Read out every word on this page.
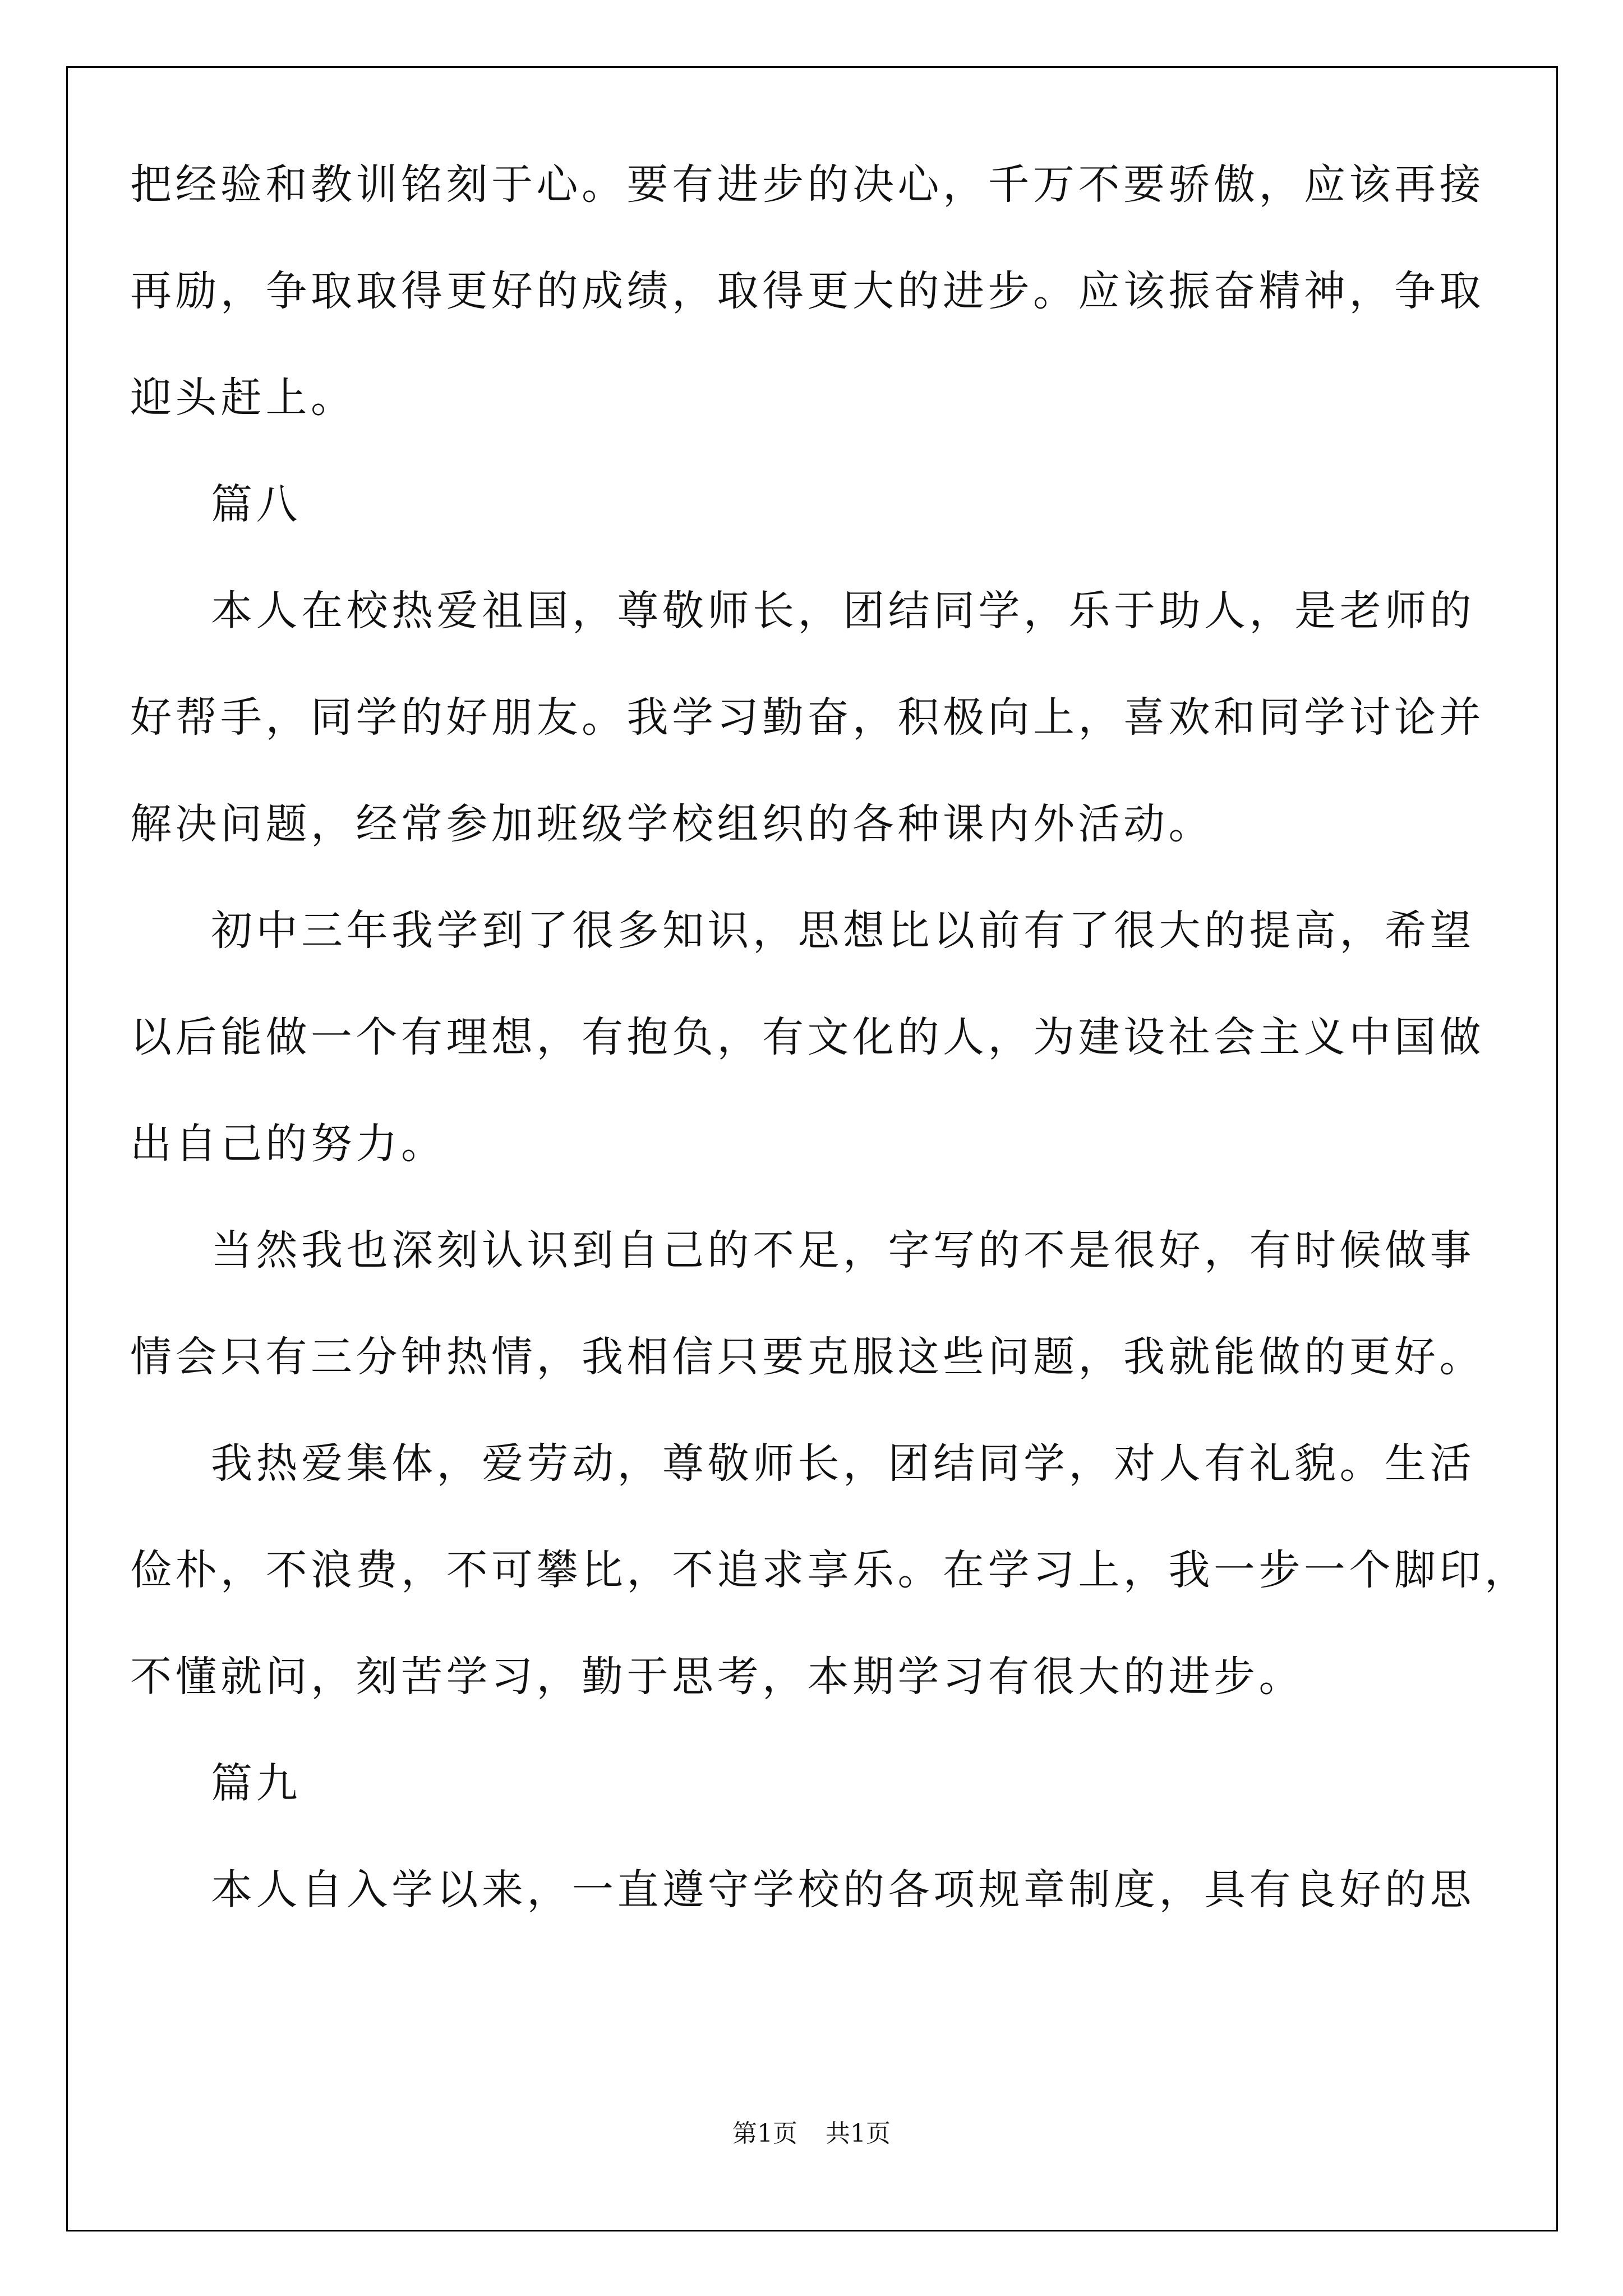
把经验和教训铭刻于心。要有进步的决心，千万不要骄傲，应该再接
再励，争取取得更好的成绩，取得更大的进步。应该振奋精神，争取
迎头赶上。
篇八
本人在校热爱祖国，尊敬师长，团结同学，乐于助人，是老师的
好帮手，同学的好朋友。我学习勤奋，积极向上，喜欢和同学讨论并
解决问题，经常参加班级学校组织的各种课内外活动。
初中三年我学到了很多知识，思想比以前有了很大的提高，希望
以后能做一个有理想，有抱负，有文化的人，为建设社会主义中国做
出自己的努力。
当然我也深刻认识到自己的不足，字写的不是很好，有时候做事
情会只有三分钟热情，我相信只要克服这些问题，我就能做的更好。
我热爱集体，爱劳动，尊敬师长，团结同学，对人有礼貌。生活
俭朴，不浪费，不可攀比，不追求享乐。在学习上，我一步一个脚印，
不懂就问，刻苦学习，勤于思考，本期学习有很大的进步。
篇九
本人自入学以来，一直遵守学校的各项规章制度，具有良好的思
第1页 共1页
